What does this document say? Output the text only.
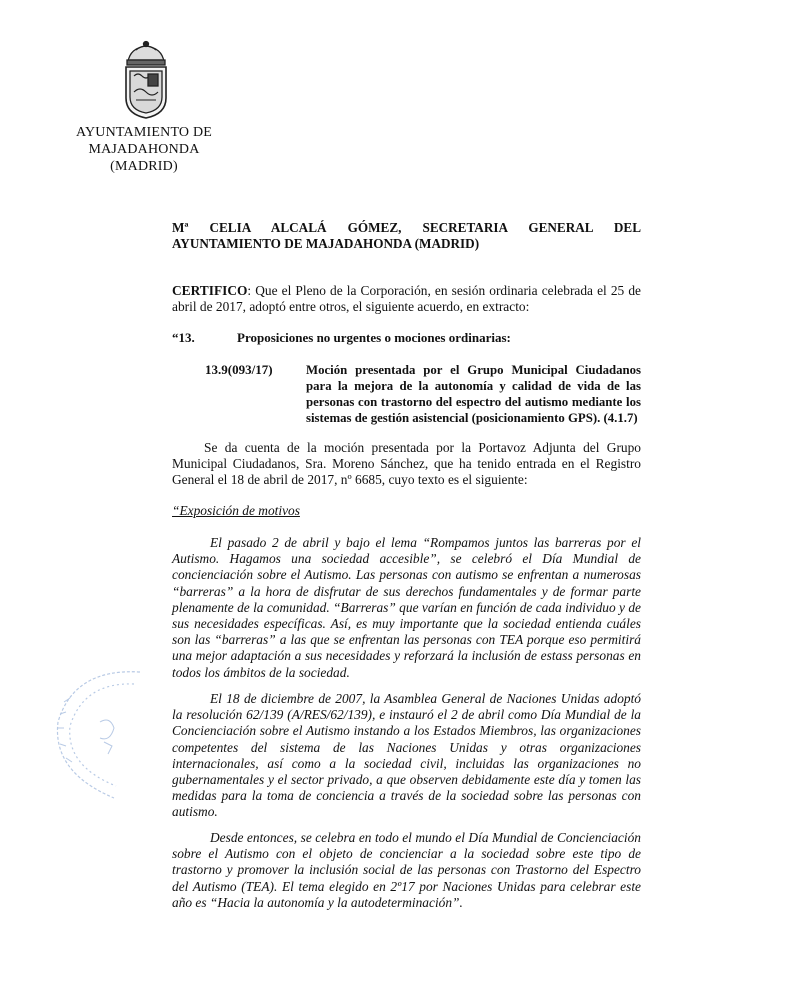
AYUNTAMIENTO DE
MAJADAHONDA
(MADRID)
Mª CELIA ALCALÁ GÓMEZ, SECRETARIA GENERAL DEL
AYUNTAMIENTO DE MAJADAHONDA (MADRID)
CERTIFICO: Que el Pleno de la Corporación, en sesión ordinaria celebrada el 25 de abril de 2017, adoptó entre otros, el siguiente acuerdo, en extracto:
“13.	Proposiciones no urgentes o mociones ordinarias:
13.9(093/17)	Moción presentada por el Grupo Municipal Ciudadanos para la mejora de la autonomía y calidad de vida de las personas con trastorno del espectro del autismo mediante los sistemas de gestión asistencial (posicionamiento GPS). (4.1.7)
Se da cuenta de la moción presentada por la Portavoz Adjunta del Grupo Municipal Ciudadanos, Sra. Moreno Sánchez, que ha tenido entrada en el Registro General el 18 de abril de 2017, nº 6685, cuyo texto es el siguiente:
“Exposición de motivos
El pasado 2 de abril y bajo el lema “Rompamos juntos las barreras por el Autismo. Hagamos una sociedad accesible”, se celebró el Día Mundial de concienciación sobre el Autismo. Las personas con autismo se enfrentan a numerosas “barreras” a la hora de disfrutar de sus derechos fundamentales y de formar parte plenamente de la comunidad. “Barreras” que varían en función de cada individuo y de sus necesidades específicas. Así, es muy importante que la sociedad entienda cuáles son las “barreras” a las que se enfrentan las personas con TEA porque eso permitirá una mejor adaptación a sus necesidades y reforzará la inclusión de estass personas en todos los ámbitos de la sociedad.
El 18 de diciembre de 2007, la Asamblea General de Naciones Unidas adoptó la resolución 62/139 (A/RES/62/139), e instauró el 2 de abril como Día Mundial de la Concienciación sobre el Autismo instando a los Estados Miembros, las organizaciones competentes del sistema de las Naciones Unidas y otras organizaciones internacionales, así como a la sociedad civil, incluidas las organizaciones no gubernamentales y el sector privado, a que observen debidamente este día y tomen las medidas para la toma de conciencia a través de la sociedad sobre las personas con autismo.
Desde entonces, se celebra en todo el mundo el Día Mundial de Concienciación sobre el Autismo con el objeto de concienciar a la sociedad sobre este tipo de trastorno y promover la inclusión social de las personas con Trastorno del Espectro del Autismo (TEA). El tema elegido en 2º17 por Naciones Unidas para celebrar este año es “Hacia la autonomía y la autodeterminación”.
